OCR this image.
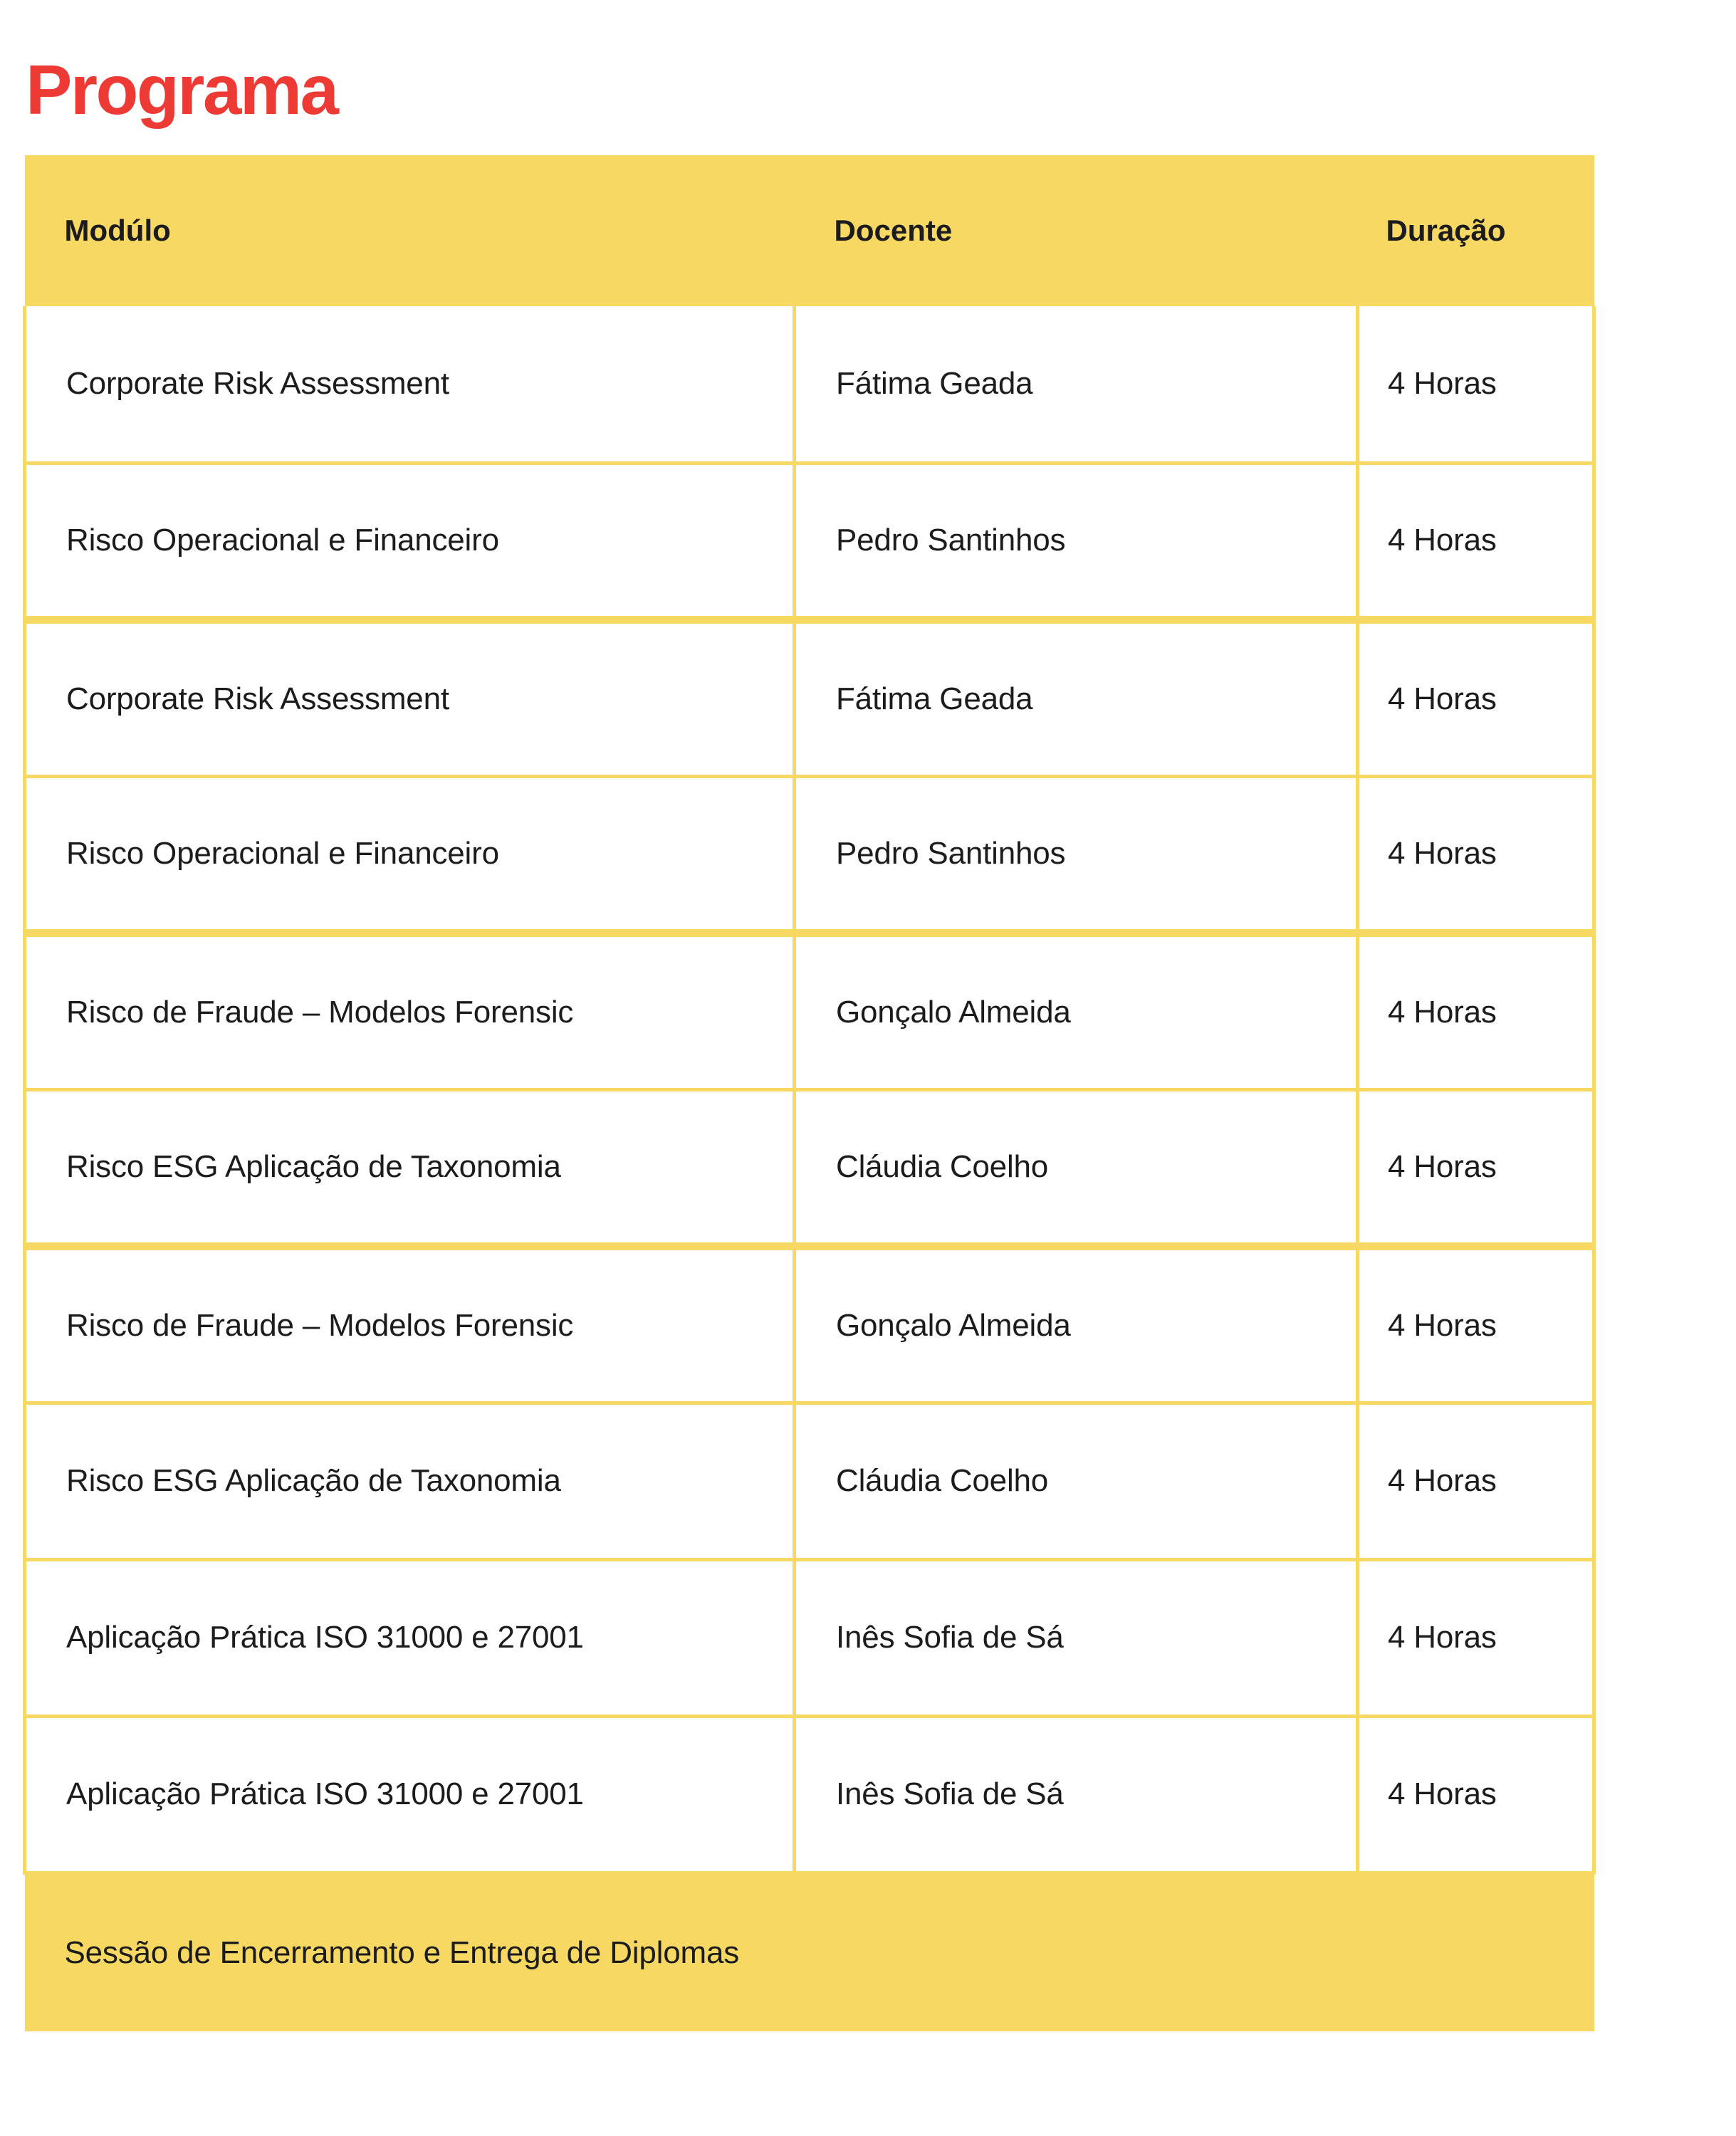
Programa
Modúlo	Docente	Duração
Corporate Risk Assessment	Fátima Geada	4 Horas
Risco Operacional e Financeiro	Pedro Santinhos	4 Horas
Corporate Risk Assessment	Fátima Geada	4 Horas
Risco Operacional e Financeiro	Pedro Santinhos	4 Horas
Risco de Fraude – Modelos Forensic	Gonçalo Almeida	4 Horas
Risco ESG Aplicação de Taxonomia	Cláudia Coelho	4 Horas
Risco de Fraude – Modelos Forensic	Gonçalo Almeida	4 Horas
Risco ESG Aplicação de Taxonomia	Cláudia Coelho	4 Horas
Aplicação Prática ISO 31000 e 27001	Inês Sofia de Sá	4 Horas
Aplicação Prática ISO 31000 e 27001	Inês Sofia de Sá	4 Horas
Sessão de Encerramento e Entrega de Diplomas		
